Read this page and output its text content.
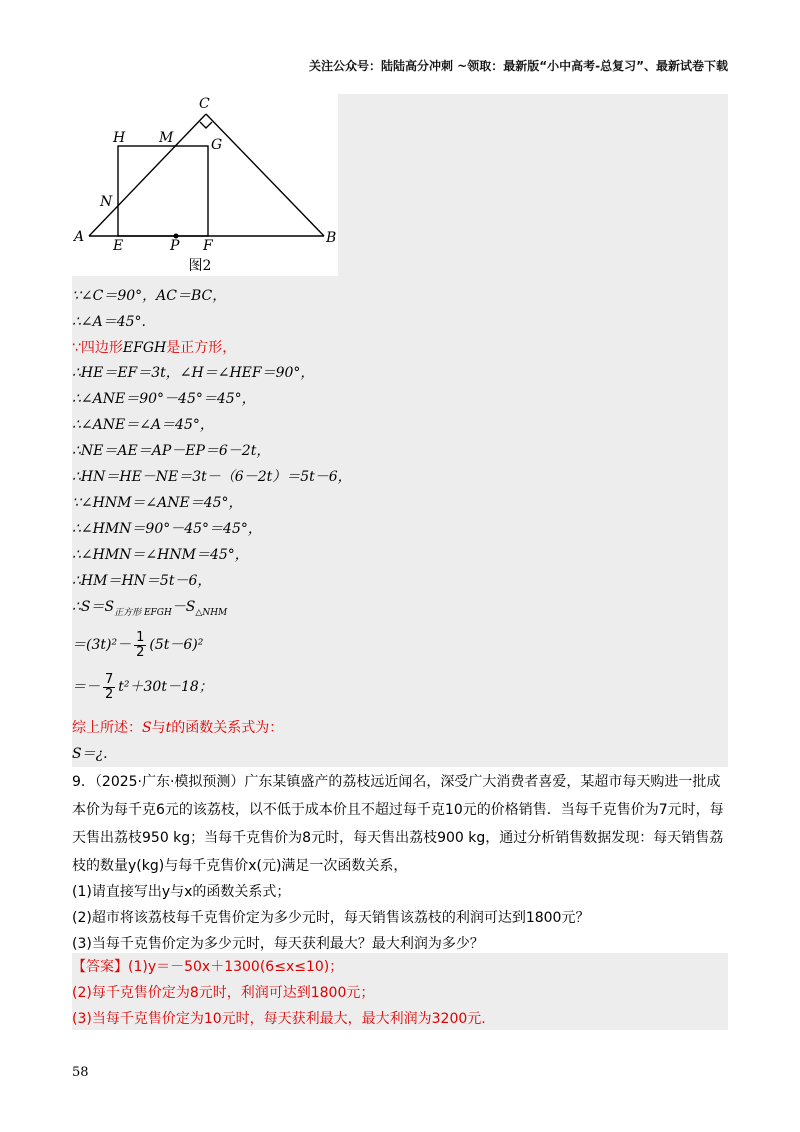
关注公众号：陆陆高分冲刺 ~领取：最新版“小中高考-总复习”、最新试卷下载
C
H M	G
N
A
E	P F	B
图2
∵∠C＝90°，AC＝BC，
∴∠A＝45°.
∵四边形EFGH是正方形，
∴HE＝EF＝3t，∠H＝∠HEF＝90°，
∴∠ANE＝90°－45°＝45°，
∴∠ANE＝∠A＝45°，
∴NE＝AE＝AP－EP＝6－2t，
∴HN＝HE－NE＝3t－（6－2t）＝5t－6，
∵∠HNM＝∠ANE＝45°，
∴∠HMN＝90°－45°＝45°，
∴∠HMN＝∠HNM＝45°，
∴HM＝HN＝5t－6，
$\therefore S=S_{正方形 EFGH}-S_{\triangle NHM}$
$=(3t)^2- \frac{1}{2} (5t-6)^2$
＝－ $\frac{7}{2} t^2+30t-18$；
综上所述：S与t的函数关系式为：
S＝¿.
9．（2025·广东·模拟预测）广东某镇盛产的荔枝远近闻名，深受广大消费者喜爱，某超市每天购进一批成
本价为每千克6元的该荔枝，以不低于成本价且不超过每千克10元的价格销售．当每千克售价为7元时，每
天售出荔枝950 kg；当每千克售价为8元时，每天售出荔枝900 kg，通过分析销售数据发现：每天销售荔
枝的数量y(kg)与每千克售价x(元)满足一次函数关系，
(1)请直接写出y与x的函数关系式；
(2)超市将该荔枝每千克售价定为多少元时，每天销售该荔枝的利润可达到1800元？
(3)当每千克售价定为多少元时，每天获利最大？最大利润为多少？
【答案】(1)y＝－50x＋1300(6≤x≤10)；
(2)每千克售价定为8元时，利润可达到1800元；
(3)当每千克售价定为10元时，每天获利最大，最大利润为3200元.
58
